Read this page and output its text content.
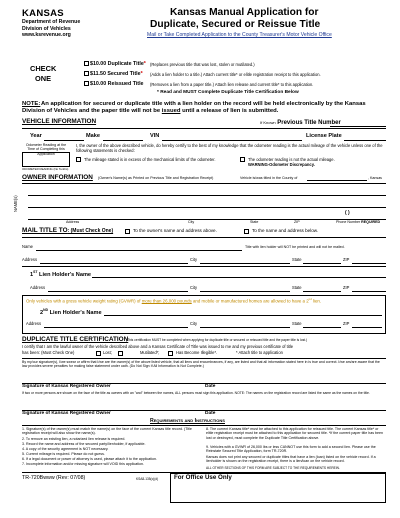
KANSAS
Department of Revenue
Division of Vehicles
www.ksrevenue.org
Kansas Manual Application for
Duplicate, Secured or Reissue Title
Mail or Take Completed Application to the County Treasurer's Motor Vehicle Office
CHECK
ONE
$10.00 Duplicate Title* (Replaces previous title that was lost, stolen or mutilated.)
$11.50 Secured Title* (Adds a lien holder to a title.) Attach current title* or elitle registration receipt to this application.
$10.00 Reissued Title (Removes a lien from a paper title.) Attach lien release and current title* to this application.
* Read and MUST Complete Duplicate Title Certification Below
NOTE: An application for secured or duplicate title with a lien holder on the record will be held electronically by the Kansas
Division of Vehicles and the paper title will not be issued until a release of lien is submitted.
VEHICLE INFORMATION	If Known Previous Title Number
Year	Make	VIN	License Plate
Odometer Reading at the Time of Completing this Application
ODOMETER READING (No Tenths)
I, the owner of the above described vehicle, do hereby certify to the best of my knowledge that the odometer reading is the actual mileage of the vehicle unless one of the following statements is checked:
The mileage stated is in excess of the mechanical limits of the odometer.	The odometer reading is not the actual mileage.
WARNING-Odometer Discrepancy.
OWNER INFORMATION (Owner's Name(s) as Printed on Previous Title and Registration Receipt)	Vehicle is/was titled in the County of	, Kansas
NAME(s)
( )
Address	City	State	ZIP	Phone Number REQUIRED
MAIL TITLE TO: (Must Check One)	To the owner's name and address above.	To the name and address below.
Name	Title with lien holder will NOT be printed and will not be mailed.
Address	City	State	ZIP
1ST Lien Holder's Name
Address	City	State	ZIP
Only vehicles with a gross vehicle weight rating (GVWR) of more than 26,000 pounds and mobile or manufactured homes are allowed to have a 2nd lien.
2ND Lien Holder's Name
Address	City	State	ZIP
DUPLICATE TITLE CERTIFICATION
(This certification MUST be completed when applying for duplicate title or secured or reissued title and the paper title is lost.)
I certify that I am the lawful owner of the vehicle described above and a Kansas Certificate of Title was issued to me and my previous certificate of title
has been: (Must Check One)	Lost;	Mutilated*;	Has Become Illegible*.	* Attach title to application
By my/our signature(s), I/we swear or affirm that I/we are the owner(s) of the above listed vehicle, that all liens and encumbrances, if any, are listed and that all information stated here in is true and correct. I/we am/are aware that the law provides severe penalties for making false statement under oath. (Do Not Sign If All Information Is Not Complete.)
Signature of Kansas Registered Owner	Date
If two or more persons are shown on the face of the title as owners with an "and" between the names, ALL persons must sign this application. NOTE: The names on the registration record are listed the same as the names on the title.
Signature of Kansas Registered Owner	Date
Requirements and Instructions
1. Signature(s) of the owner(s) must match the name(s) on the face of the current Kansas title record. (Title registration receipt will also show the name(s).
2. To remove an existing lien, a notarized lien release is required.
3. Record the name and address of the secured party/lienholder, if applicable.
4. A copy of the security agreement is NOT necessary.
5. Current mileage is required. Please do not guess.
6. If a legal document or power of attorney is used, please attach it to the application.
7. Incomplete information and/or missing signature will VOID this application.
8. The current Kansas title* must be attached to this application for reissued title. The current Kansas title* or elitle registration receipt must be attached to this application for secured title. *If the current paper title has been lost or destroyed, must complete the Duplicate Title Certification above.
9. Vehicles with a GVWR of 26,000 lbs or less CANNOT use this form to add a second lien. Please use the Reinstate Secured Title Application, form TR-720R.
Kansas does not print any secured or duplicate titles that have a lien (loan) listed on the vehicle record. If a lienholder is shown on the registration receipt, there is a lien/loan on the vehicle record.
ALL OTHER SECTIONS OF THIS FORM ARE SUBJECT TO THE REQUIREMENTS HEREIN.
TR-720Bwww (Rev: 07/08)	KSA8-135(c)(d)	For Office Use Only
